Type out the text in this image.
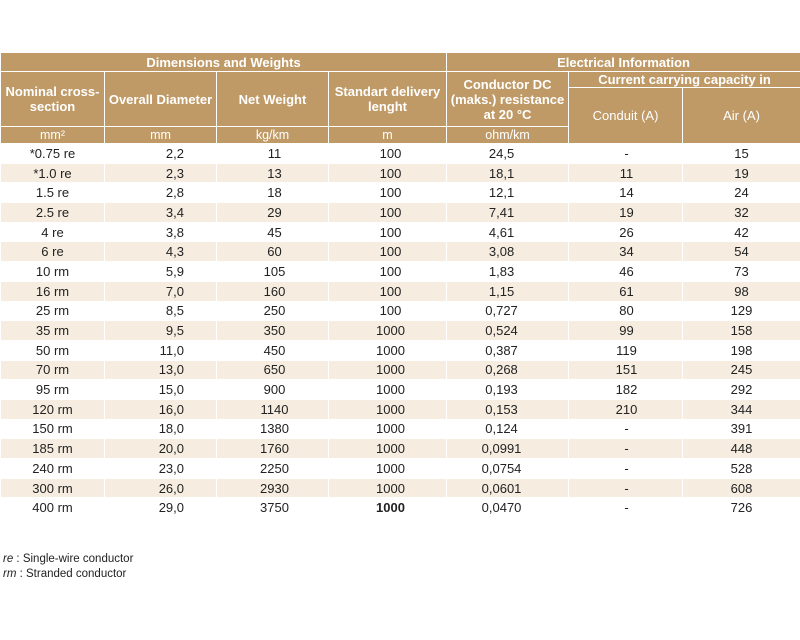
Dimensions and Weights				Electrical Information		
Nominal cross-section	Overall Diameter	Net Weight	Standart delivery lenght	Conductor DC (maks.) resistance at 20 °C	Current carrying capacity in	
					Conduit (A)	Air (A)
mm²	mm	kg/km	m	ohm/km		
*0.75 re	2,2	11	100	24,5	-	15
*1.0 re	2,3	13	100	18,1	11	19
1.5 re	2,8	18	100	12,1	14	24
2.5 re	3,4	29	100	7,41	19	32
4 re	3,8	45	100	4,61	26	42
6 re	4,3	60	100	3,08	34	54
10 rm	5,9	105	100	1,83	46	73
16 rm	7,0	160	100	1,15	61	98
25 rm	8,5	250	100	0,727	80	129
35 rm	9,5	350	1000	0,524	99	158
50 rm	11,0	450	1000	0,387	119	198
70 rm	13,0	650	1000	0,268	151	245
95 rm	15,0	900	1000	0,193	182	292
120 rm	16,0	1140	1000	0,153	210	344
150 rm	18,0	1380	1000	0,124	-	391
185 rm	20,0	1760	1000	0,0991	-	448
240 rm	23,0	2250	1000	0,0754	-	528
300 rm	26,0	2930	1000	0,0601	-	608
400 rm	29,0	3750	1000	0,0470	-	726
re : Single-wire conductor
rm : Stranded conductor
